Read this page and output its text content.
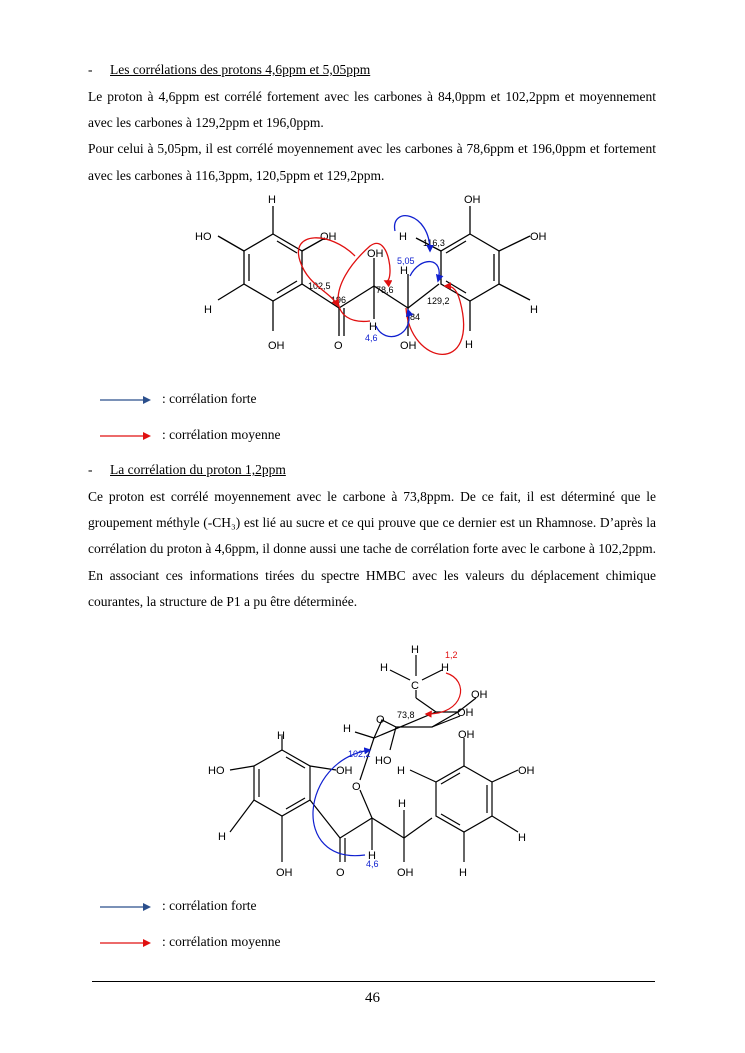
- Les corrélations des protons 4,6ppm et 5,05ppm

Le proton à 4,6ppm est corrélé fortement avec les carbones à 84,0ppm et 102,2ppm et moyennement avec les carbones à 129,2ppm et 196,0ppm.

Pour celui à 5,05pm, il est corrélé moyennement avec les carbones à 78,6ppm et 196,0ppm et fortement avec les carbones à 116,3ppm, 120,5ppm et 129,2ppm.

H
OH
HO
H
OH	O
OH
H
H
OH
H
OH
OH
H
H
102,5
196
78,6
84
116,3
129,2
5,05
4,6
: corrélation forte
: corrélation moyenne
- La corrélation du proton 1,2ppm

Ce proton est corrélé moyennement avec le carbone à 73,8ppm. De ce fait, il est déterminé que le groupement méthyle (-CH₃) est lié au sucre et ce qui prouve que ce dernier est un Rhamnose. D’après la corrélation du proton à 4,6ppm, il donne aussi une tache de corrélation forte avec le carbone à 102,2ppm. En associant ces informations tirées du spectre HMBC avec les valeurs du déplacement chimique courantes, la structure de P1 a pu être déterminée.

H
H	H
C
OH
OH
O
H
HO
O
H
HO	OH
H
OH	O
H
H
OH
H
OH
OH
H
H
1,2
73,8
102,2
4,6
: corrélation forte
: corrélation moyenne
46
